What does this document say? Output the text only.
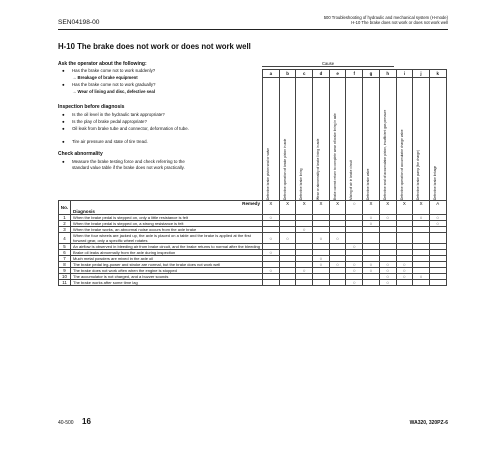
SEN04198-00
500 Troubleshooting of hydraulic and mechanical system (H-mode)
H-10 The brake does not work or does not work well
H-10 The brake does not work or does not work well
Ask the operator about the following:
● Has the brake come not to work suddenly?
→ Breakage of brake equipment
● Has the brake come not to work gradually?
→ Wear of lining and disc, defective seal
Inspection before diagnosis
● Is the oil level in the hydraulic tank appropriate?
● Is the play of brake pedal appropriate?
● Oil leak from brake tube and connector, deformation of tube.
● Tire air pressure and state of tire tread.
Check abnormality
● Measure the brake testing force and check referring to the standard value table if the brake does not work practically.
Cause
		a	b	c	d	e	f	g	h	i	j	k

		Defective brake piston seal or valve	Defective operation of brake piston in axle	Defective brake lining	Wear or abnormality of brake lining in axle	Brake cannot return to complete wear of brake lining in axle	Mixing of air in brake circuit	Defective brake valve	Defective seal of accumulator piston, insufficient gas pressure	Defective operation of accumulator charge valve	Defective brake pump (for charge)	Defective brake linkage

No.	Remedy
Diagnosis	X	X	X	X	X	○	X	X	X	X	A
1	When the brake pedal is stepped on, only a little resistance is felt	○						○	○		○	○
2	When the brake pedal is stepped on, a strong resistance is felt							○				○
3	When the brake works, an abnormal noise occurs from the axle brake			○								
4	When the four wheels are jacked up, the axle is placed on a table and the brake is applied at the first forward gear, only a specific wheel rotates	○	○		○	○						
5	An airflow is observed in bleeding air from brake circuit, and the brake returns to normal after the bleeding						○					
6	Brake oil leaks abnormally from the axle during inspection	○										
7	Much metal powders are mixed in the axle oil				○							
8	The brake pedal leg-power and stroke are normal, but the brake does not work well				○	○	○	○	○	○		
9	The brake does not work often when the engine is stopped	○		○			○	○	○	○		
10	The accumulator is not charged, and a buzzer sounds								○	○	○	
11	The brake works after some time lag						○		○			
40-500 16	WA320, 320PZ-6
